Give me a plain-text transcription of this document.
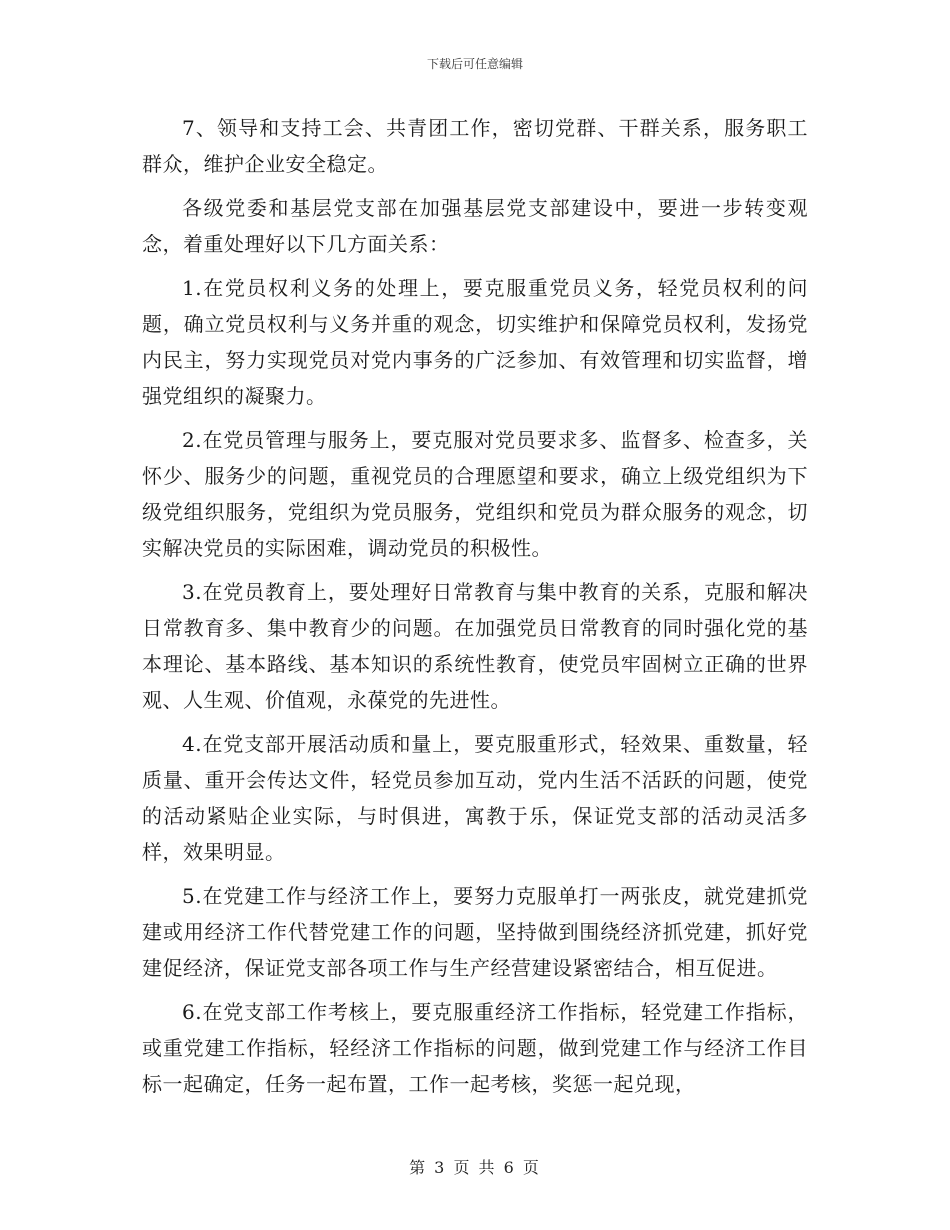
下载后可任意编辑

7、领导和支持工会、共青团工作，密切党群、干群关系，服务职工群众，维护企业安全稳定。

各级党委和基层党支部在加强基层党支部建设中，要进一步转变观念，着重处理好以下几方面关系：

1.在党员权利义务的处理上，要克服重党员义务，轻党员权利的问题，确立党员权利与义务并重的观念，切实维护和保障党员权利，发扬党内民主，努力实现党员对党内事务的广泛参加、有效管理和切实监督，增强党组织的凝聚力。

2.在党员管理与服务上，要克服对党员要求多、监督多、检查多，关怀少、服务少的问题，重视党员的合理愿望和要求，确立上级党组织为下级党组织服务，党组织为党员服务，党组织和党员为群众服务的观念，切实解决党员的实际困难，调动党员的积极性。

3.在党员教育上，要处理好日常教育与集中教育的关系，克服和解决日常教育多、集中教育少的问题。在加强党员日常教育的同时强化党的基本理论、基本路线、基本知识的系统性教育，使党员牢固树立正确的世界观、人生观、价值观，永葆党的先进性。

4.在党支部开展活动质和量上，要克服重形式，轻效果、重数量，轻质量、重开会传达文件，轻党员参加互动，党内生活不活跃的问题，使党的活动紧贴企业实际，与时俱进，寓教于乐，保证党支部的活动灵活多样，效果明显。

5.在党建工作与经济工作上，要努力克服单打一两张皮，就党建抓党建或用经济工作代替党建工作的问题，坚持做到围绕经济抓党建，抓好党建促经济，保证党支部各项工作与生产经营建设紧密结合，相互促进。

6.在党支部工作考核上，要克服重经济工作指标，轻党建工作指标，或重党建工作指标，轻经济工作指标的问题，做到党建工作与经济工作目标一起确定，任务一起布置，工作一起考核，奖惩一起兑现，

第 3 页 共 6 页
